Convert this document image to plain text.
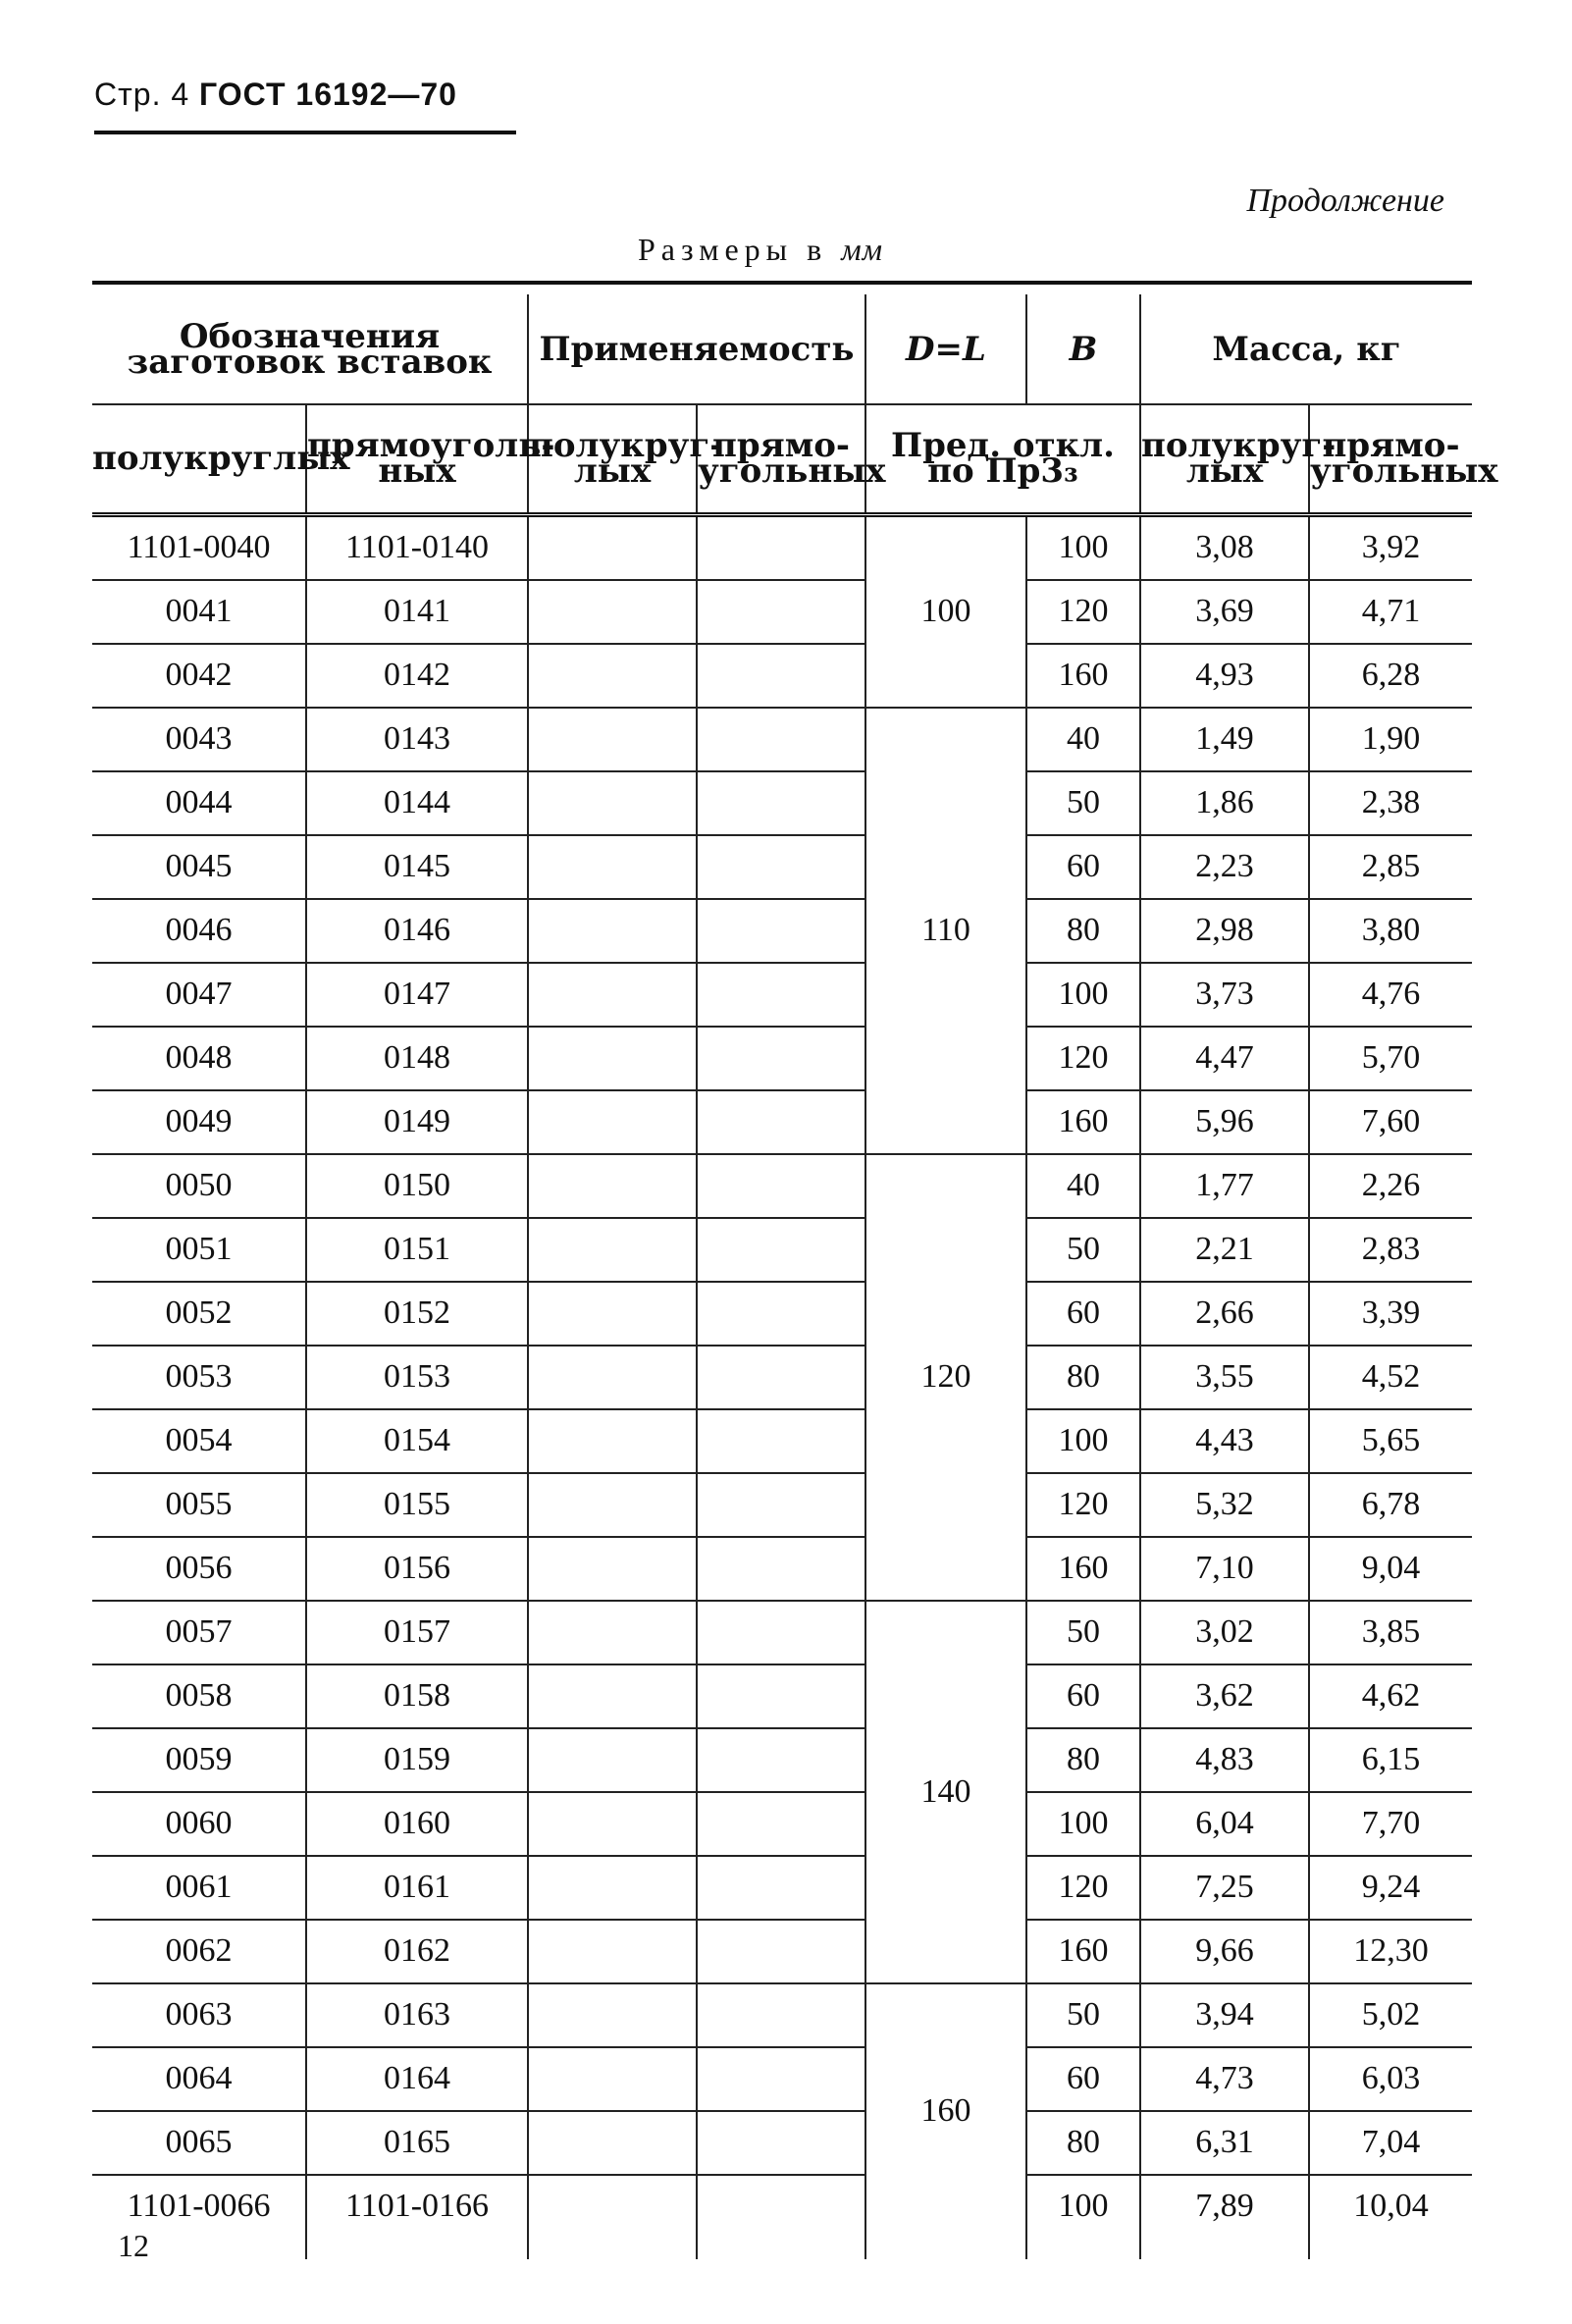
Стр. 4 ГОСТ 16192—70
Продолжение
Размеры в мм
Обозначения заготовок вставок		Применяемость		D=L	B	Масса, кг	
полукруглых	прямоуголь-ных	полукруг-лых	прямо-угольных	Пред. откл. по Пр3₃		полукруг-лых	прямо-угольных
1101-0040	1101-0140			100	100	3,08	3,92
0041	0141				120	3,69	4,71
0042	0142				160	4,93	6,28
0043	0143			110	40	1,49	1,90
0044	0144				50	1,86	2,38
0045	0145				60	2,23	2,85
0046	0146				80	2,98	3,80
0047	0147				100	3,73	4,76
0048	0148				120	4,47	5,70
0049	0149				160	5,96	7,60
0050	0150			120	40	1,77	2,26
0051	0151				50	2,21	2,83
0052	0152				60	2,66	3,39
0053	0153				80	3,55	4,52
0054	0154				100	4,43	5,65
0055	0155				120	5,32	6,78
0056	0156				160	7,10	9,04
0057	0157			140	50	3,02	3,85
0058	0158				60	3,62	4,62
0059	0159				80	4,83	6,15
0060	0160				100	6,04	7,70
0061	0161				120	7,25	9,24
0062	0162				160	9,66	12,30
0063	0163			160	50	3,94	5,02
0064	0164				60	4,73	6,03
0065	0165				80	6,31	7,04
1101-0066	1101-0166				100	7,89	10,04

12
